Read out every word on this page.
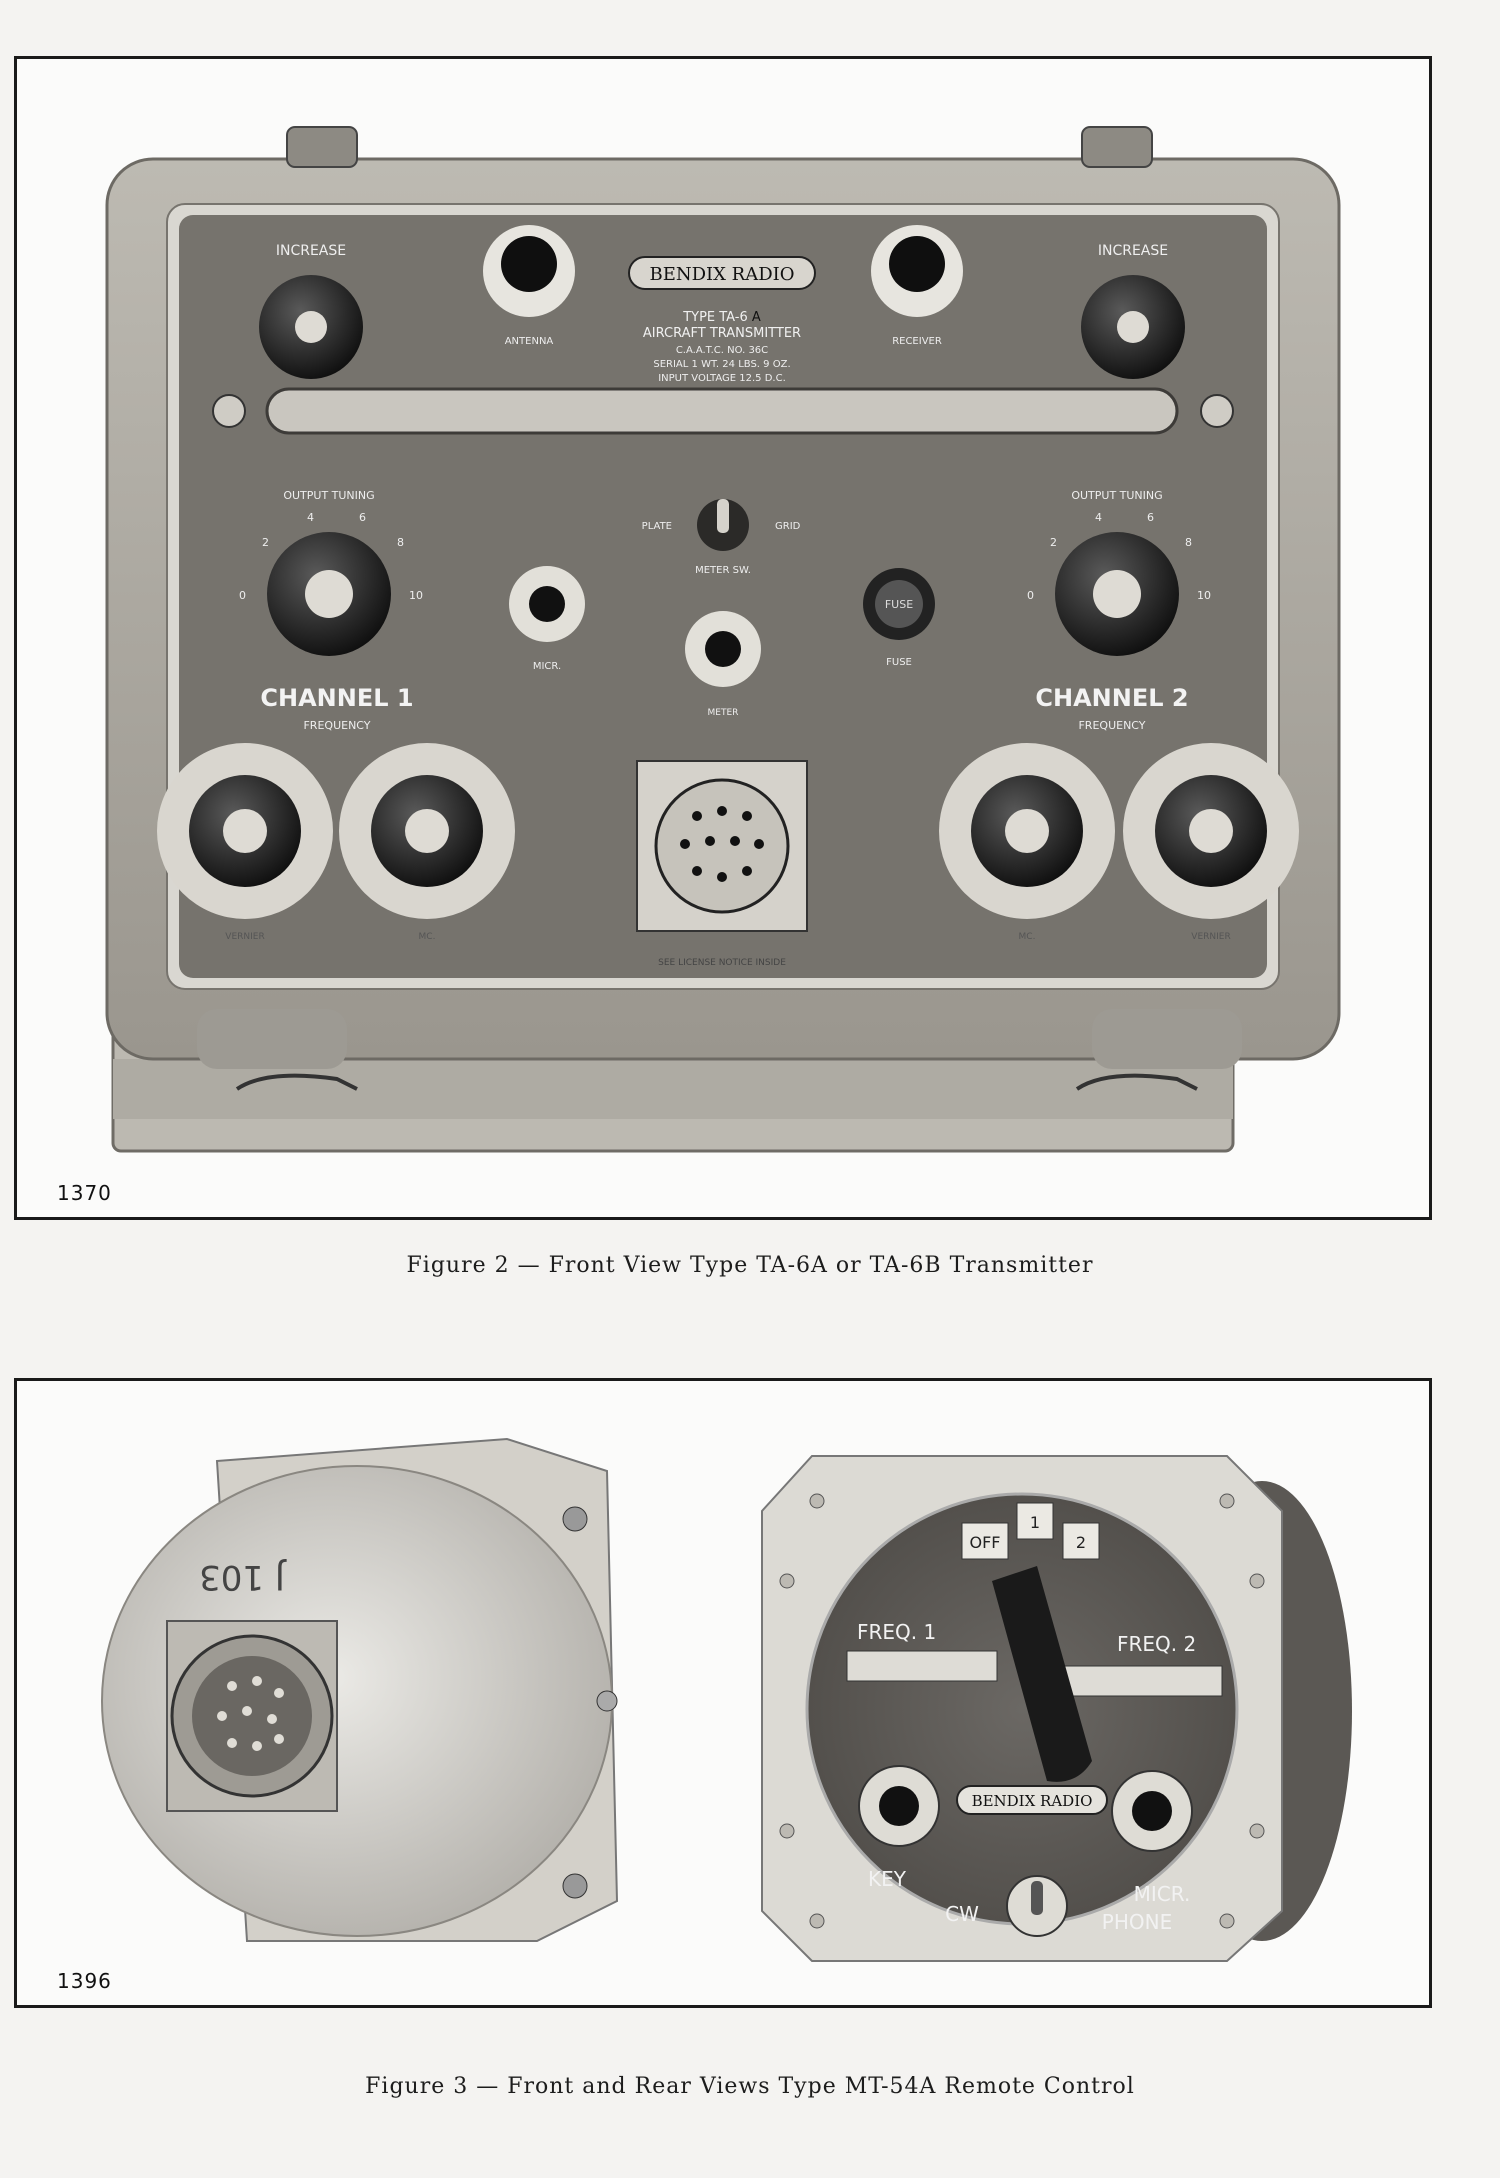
INCREASE	INCREASE
ANTENNA	RECEIVER
BENDIX RADIO
TYPE TA-6 A
AIRCRAFT TRANSMITTER
C.A.A.T.C. NO. 36C
SERIAL 1 WT. 24 LBS. 9 OZ.
INPUT VOLTAGE 12.5 D.C.
OUTPUT TUNING
0
2
4	6
8
10
OUTPUT TUNING
0
2
4	6
8
10
PLATE	GRID
METER SW.
MICR.
METER
FUSE
FUSE
CHANNEL 1
FREQUENCY
CHANNEL 2
FREQUENCY
VERNIER	MC.	MC.	VERNIER
SEE LICENSE NOTICE INSIDE
1370
Figure 2 — Front View Type TA-6A or TA-6B Transmitter
J 103
OFF
1
2
FREQ. 1	FREQ. 2
BENDIX RADIO
KEY
CW
MICR.
PHONE
1396
Figure 3 — Front and Rear Views Type MT-54A Remote Control
